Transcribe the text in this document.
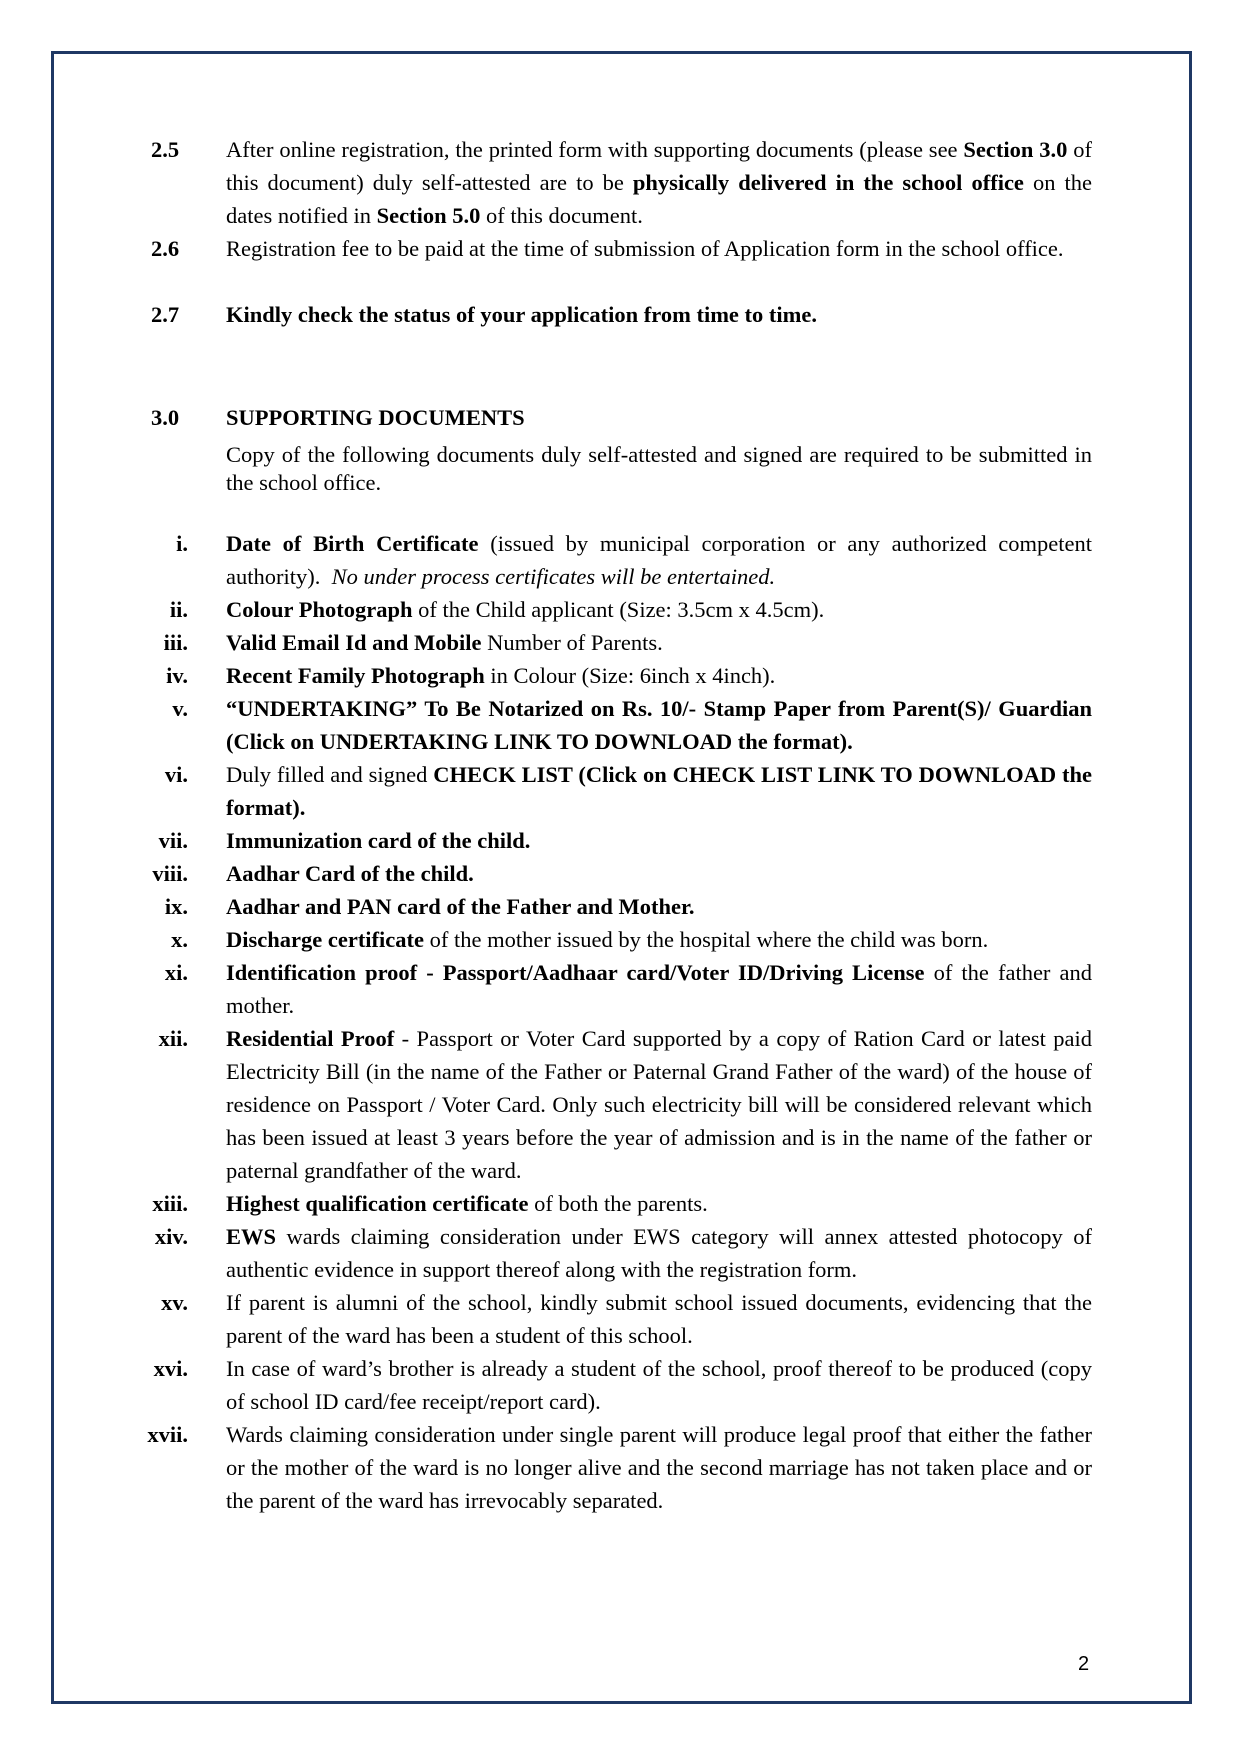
2.5	After online registration, the printed form with supporting documents (please see Section 3.0 of this document) duly self-attested are to be physically delivered in the school office on the dates notified in Section 5.0 of this document.
2.6	Registration fee to be paid at the time of submission of Application form in the school office.
2.7	Kindly check the status of your application from time to time.
3.0	SUPPORTING DOCUMENTS
Copy of the following documents duly self-attested and signed are required to be submitted in the school office.
i. Date of Birth Certificate (issued by municipal corporation or any authorized competent authority).  No under process certificates will be entertained.
ii. Colour Photograph of the Child applicant (Size: 3.5cm x 4.5cm).
iii. Valid Email Id and Mobile Number of Parents.
iv. Recent Family Photograph in Colour (Size: 6inch x 4inch).
v. “UNDERTAKING” To Be Notarized on Rs. 10/- Stamp Paper from Parent(S)/ Guardian (Click on UNDERTAKING LINK TO DOWNLOAD the format).
vi. Duly filled and signed CHECK LIST (Click on CHECK LIST LINK TO DOWNLOAD the format).
vii. Immunization card of the child.
viii. Aadhar Card of the child.
ix. Aadhar and PAN card of the Father and Mother.
x. Discharge certificate of the mother issued by the hospital where the child was born.
xi. Identification proof - Passport/Aadhaar card/Voter ID/Driving License of the father and mother.
xii. Residential Proof - Passport or Voter Card supported by a copy of Ration Card or latest paid Electricity Bill (in the name of the Father or Paternal Grand Father of the ward) of the house of residence on Passport / Voter Card. Only such electricity bill will be considered relevant which has been issued at least 3 years before the year of admission and is in the name of the father or paternal grandfather of the ward.
xiii. Highest qualification certificate of both the parents.
xiv. EWS wards claiming consideration under EWS category will annex attested photocopy of authentic evidence in support thereof along with the registration form.
xv. If parent is alumni of the school, kindly submit school issued documents, evidencing that the parent of the ward has been a student of this school.
xvi. In case of ward’s brother is already a student of the school, proof thereof to be produced (copy of school ID card/fee receipt/report card).
xvii. Wards claiming consideration under single parent will produce legal proof that either the father or the mother of the ward is no longer alive and the second marriage has not taken place and or the parent of the ward has irrevocably separated.
2
